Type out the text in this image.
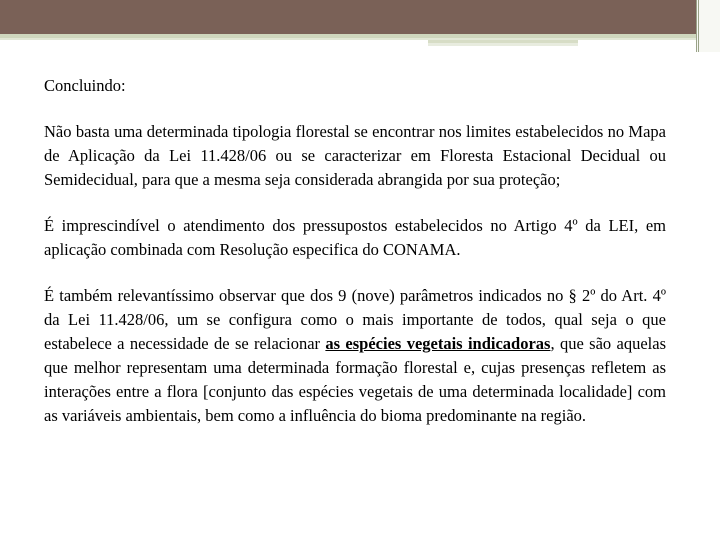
Concluindo:

Não basta uma determinada tipologia florestal se encontrar nos limites estabelecidos no Mapa de Aplicação da Lei 11.428/06 ou se caracterizar em Floresta Estacional Decidual ou Semidecidual, para que a mesma seja considerada abrangida por sua proteção;

É imprescindível o atendimento dos pressupostos estabelecidos no Artigo 4º da LEI, em aplicação combinada com Resolução especifica do CONAMA.

É também relevantíssimo observar que dos 9 (nove) parâmetros indicados no § 2º do Art. 4º da Lei 11.428/06, um se configura como o mais importante de todos, qual seja o que estabelece a necessidade de se relacionar as espécies vegetais indicadoras, que são aquelas que melhor representam uma determinada formação florestal e, cujas presenças refletem as interações entre a flora [conjunto das espécies vegetais de uma determinada localidade] com as variáveis ambientais, bem como a influência do bioma predominante na região.
